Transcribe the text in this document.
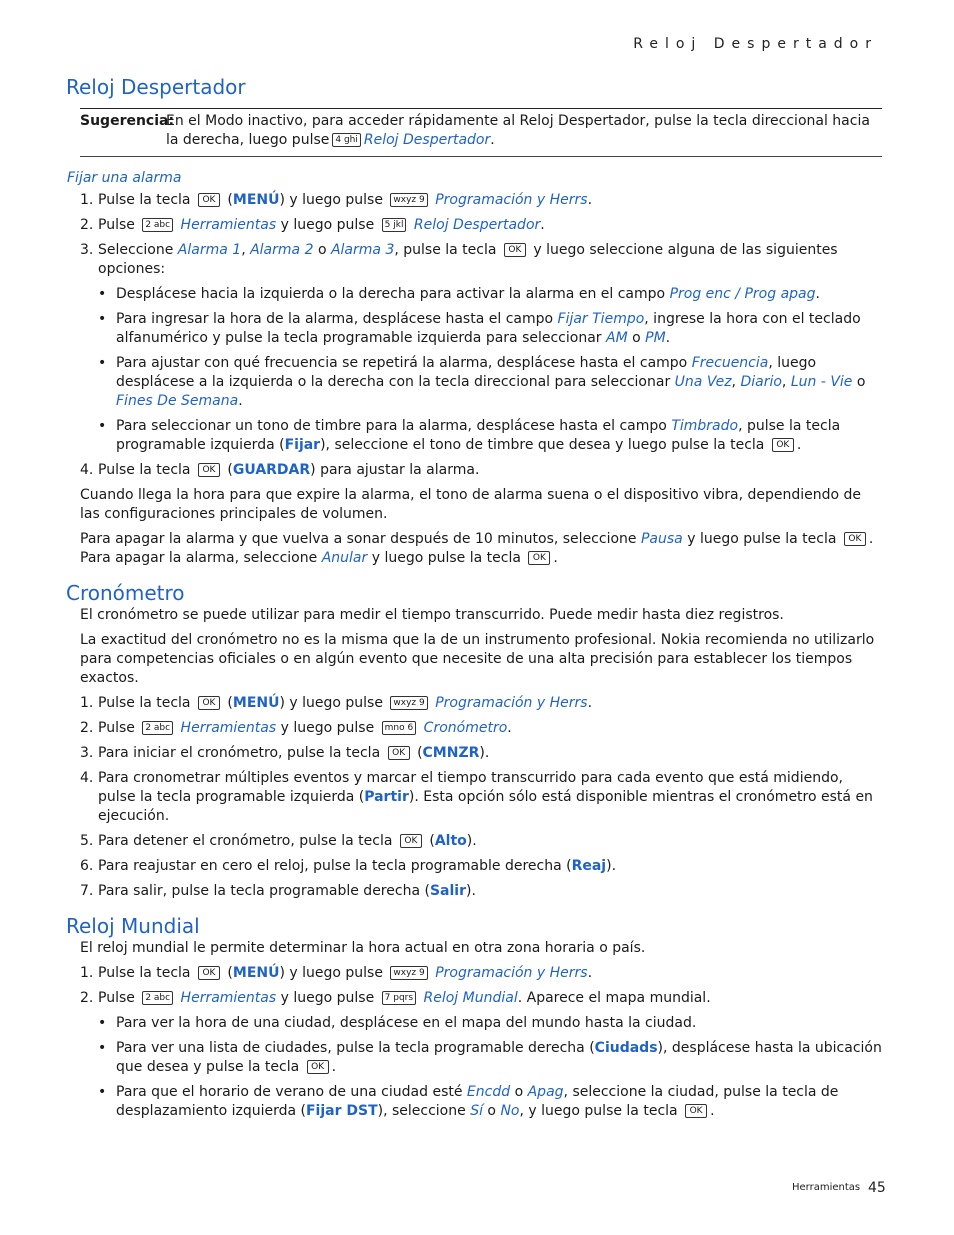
Reloj Despertador
Reloj Despertador
Sugerencia:
En el Modo inactivo, para acceder rápidamente al Reloj Despertador, pulse la tecla direccional hacia la derecha, luego pulse 4 ghi Reloj Despertador.
Fijar una alarma
1. Pulse la tecla OK (MENÚ) y luego pulse wxyz 9 Programación y Herrs.
2. Pulse 2 abc Herramientas y luego pulse 5 jkl Reloj Despertador.
3. Seleccione Alarma 1, Alarma 2 o Alarma 3, pulse la tecla OK y luego seleccione alguna de las siguientes opciones:
• Desplácese hacia la izquierda o la derecha para activar la alarma en el campo Prog enc / Prog apag.
• Para ingresar la hora de la alarma, desplácese hasta el campo Fijar Tiempo, ingrese la hora con el teclado alfanumérico y pulse la tecla programable izquierda para seleccionar AM o PM.
• Para ajustar con qué frecuencia se repetirá la alarma, desplácese hasta el campo Frecuencia, luego desplácese a la izquierda o la derecha con la tecla direccional para seleccionar Una Vez, Diario, Lun - Vie o Fines De Semana.
• Para seleccionar un tono de timbre para la alarma, desplácese hasta el campo Timbrado, pulse la tecla programable izquierda (Fijar), seleccione el tono de timbre que desea y luego pulse la tecla OK .
4. Pulse la tecla OK (GUARDAR) para ajustar la alarma.

Cuando llega la hora para que expire la alarma, el tono de alarma suena o el dispositivo vibra, dependiendo de las configuraciones principales de volumen.

Para apagar la alarma y que vuelva a sonar después de 10 minutos, seleccione Pausa y luego pulse la tecla OK . Para apagar la alarma, seleccione Anular y luego pulse la tecla OK .

Cronómetro

El cronómetro se puede utilizar para medir el tiempo transcurrido. Puede medir hasta diez registros.

La exactitud del cronómetro no es la misma que la de un instrumento profesional. Nokia recomienda no utilizarlo para competencias oficiales o en algún evento que necesite de una alta precisión para establecer los tiempos exactos.

1. Pulse la tecla OK (MENÚ) y luego pulse wxyz 9 Programación y Herrs.
2. Pulse 2 abc Herramientas y luego pulse mno 6 Cronómetro.
3. Para iniciar el cronómetro, pulse la tecla OK (CMNZR).
4. Para cronometrar múltiples eventos y marcar el tiempo transcurrido para cada evento que está midiendo, pulse la tecla programable izquierda (Partir). Esta opción sólo está disponible mientras el cronómetro está en ejecución.
5. Para detener el cronómetro, pulse la tecla OK (Alto).
6. Para reajustar en cero el reloj, pulse la tecla programable derecha (Reaj).
7. Para salir, pulse la tecla programable derecha (Salir).
Reloj Mundial

El reloj mundial le permite determinar la hora actual en otra zona horaria o país.

1. Pulse la tecla OK (MENÚ) y luego pulse wxyz 9 Programación y Herrs.
2. Pulse 2 abc Herramientas y luego pulse 7 pqrs Reloj Mundial. Aparece el mapa mundial.
• Para ver la hora de una ciudad, desplácese en el mapa del mundo hasta la ciudad.
• Para ver una lista de ciudades, pulse la tecla programable derecha (Ciudads), desplácese hasta la ubicación que desea y pulse la tecla OK .
• Para que el horario de verano de una ciudad esté Encdd o Apag, seleccione la ciudad, pulse la tecla de desplazamiento izquierda (Fijar DST), seleccione Sí o No, y luego pulse la tecla OK .
Herramientas 45
